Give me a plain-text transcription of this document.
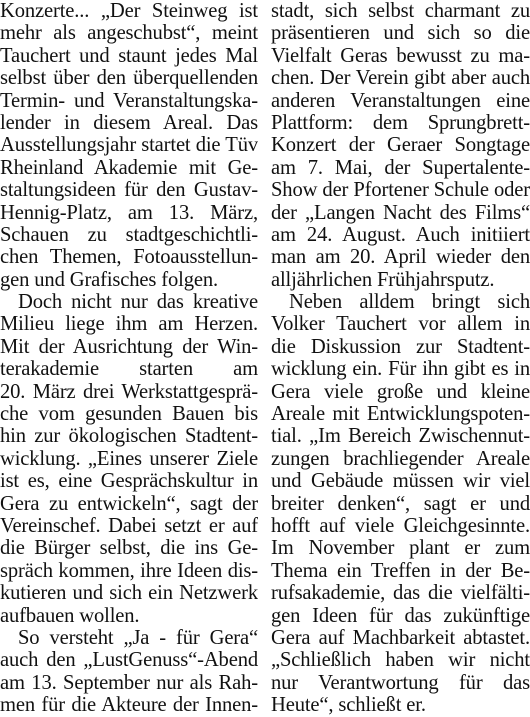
Konzerte... „Der Steinweg ist
mehr als angeschubst“, meint
Tauchert und staunt jedes Mal
selbst über den überquellenden
Termin- und Veranstaltungska-
lender in diesem Areal. Das
Ausstellungsjahr startet die Tüv
Rheinland Akademie mit Ge-
staltungsideen für den Gustav-
Hennig-Platz, am 13. März,
Schauen zu stadtgeschichtli-
chen Themen, Fotoausstellun-
gen und Grafisches folgen.
Doch nicht nur das kreative
Milieu liege ihm am Herzen.
Mit der Ausrichtung der Win-
terakademie starten am
20. März drei Werkstattgesprä-
che vom gesunden Bauen bis
hin zur ökologischen Stadtent-
wicklung. „Eines unserer Ziele
ist es, eine Gesprächskultur in
Gera zu entwickeln“, sagt der
Vereinschef. Dabei setzt er auf
die Bürger selbst, die ins Ge-
spräch kommen, ihre Ideen dis-
kutieren und sich ein Netzwerk
aufbauen wollen.
So versteht „Ja - für Gera“
auch den „LustGenuss“-Abend
am 13. September nur als Rah-
men für die Akteure der Innen-
stadt, sich selbst charmant zu
präsentieren und sich so die
Vielfalt Geras bewusst zu ma-
chen. Der Verein gibt aber auch
anderen Veranstaltungen eine
Plattform: dem Sprungbrett-
Konzert der Geraer Songtage
am 7. Mai, der Supertalente-
Show der Pfortener Schule oder
der „Langen Nacht des Films“
am 24. August. Auch initiiert
man am 20. April wieder den
alljährlichen Frühjahrsputz.
Neben alldem bringt sich
Volker Tauchert vor allem in
die Diskussion zur Stadtent-
wicklung ein. Für ihn gibt es in
Gera viele große und kleine
Areale mit Entwicklungspoten-
tial. „Im Bereich Zwischennut-
zungen brachliegender Areale
und Gebäude müssen wir viel
breiter denken“, sagt er und
hofft auf viele Gleichgesinnte.
Im November plant er zum
Thema ein Treffen in der Be-
rufsakademie, das die vielfälti-
gen Ideen für das zukünftige
Gera auf Machbarkeit abtastet.
„Schließlich haben wir nicht
nur Verantwortung für das
Heute“, schließt er.
